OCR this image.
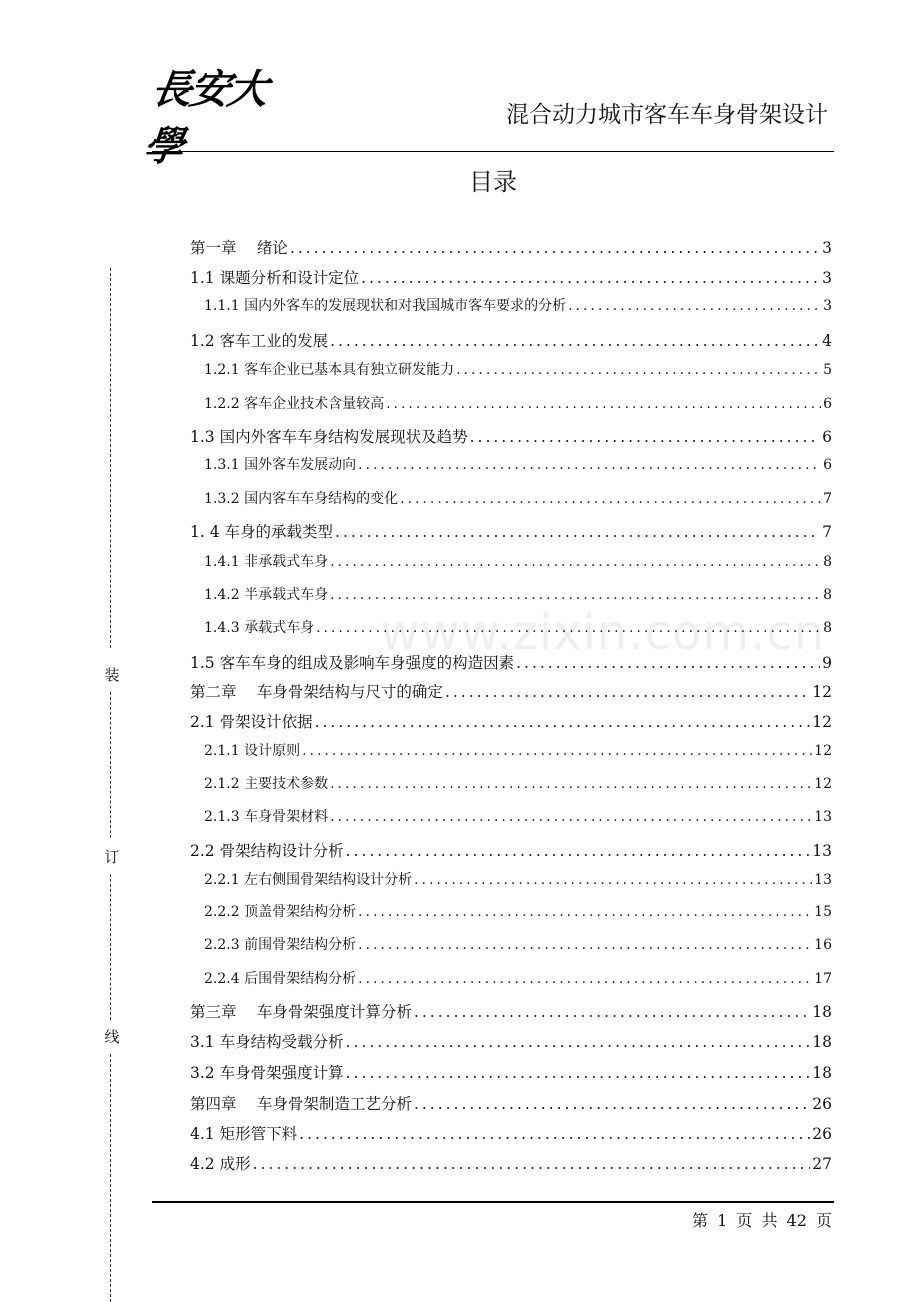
長安大學
混合动力城市客车车身骨架设计
目录
装
订
线
第一章　 绪论 .....	3
1.1 课题分析和设计定位 .....	3
1.1.1 国内外客车的发展现状和对我国城市客车要求的分析 .....	3
1.2 客车工业的发展 .....	4
1.2.1 客车企业已基本具有独立研发能力 .....	5
1.2.2 客车企业技术含量较高 .....	6
1.3 国内外客车车身结构发展现状及趋势 .....	6
1.3.1 国外客车发展动向 .....	6
1.3.2 国内客车车身结构的变化 .....	7
1. 4 车身的承载类型 .....	7
1.4.1 非承载式车身 .....	8
1.4.2 半承载式车身 .....	8
1.4.3 承载式车身 .....	8
1.5 客车车身的组成及影响车身强度的构造因素 .....	9
第二章　 车身骨架结构与尺寸的确定 .....	12
2.1 骨架设计依据 .....	12
2.1.1 设计原则 .....	12
2.1.2 主要技术参数 .....	12
2.1.3 车身骨架材料 .....	13
2.2 骨架结构设计分析 .....	13
2.2.1 左右侧围骨架结构设计分析 .....	13
2.2.2 顶盖骨架结构分析 .....	15
2.2.3 前围骨架结构分析 .....	16
2.2.4 后围骨架结构分析 .....	17
第三章　 车身骨架强度计算分析 .....	18
3.1 车身结构受载分析 .....	18
3.2 车身骨架强度计算 .....	18
第四章　 车身骨架制造工艺分析 .....	26
4.1 矩形管下料 .....	26
4.2 成形 .....	27
www.zixin.com.cn
第 1 页 共 42 页
